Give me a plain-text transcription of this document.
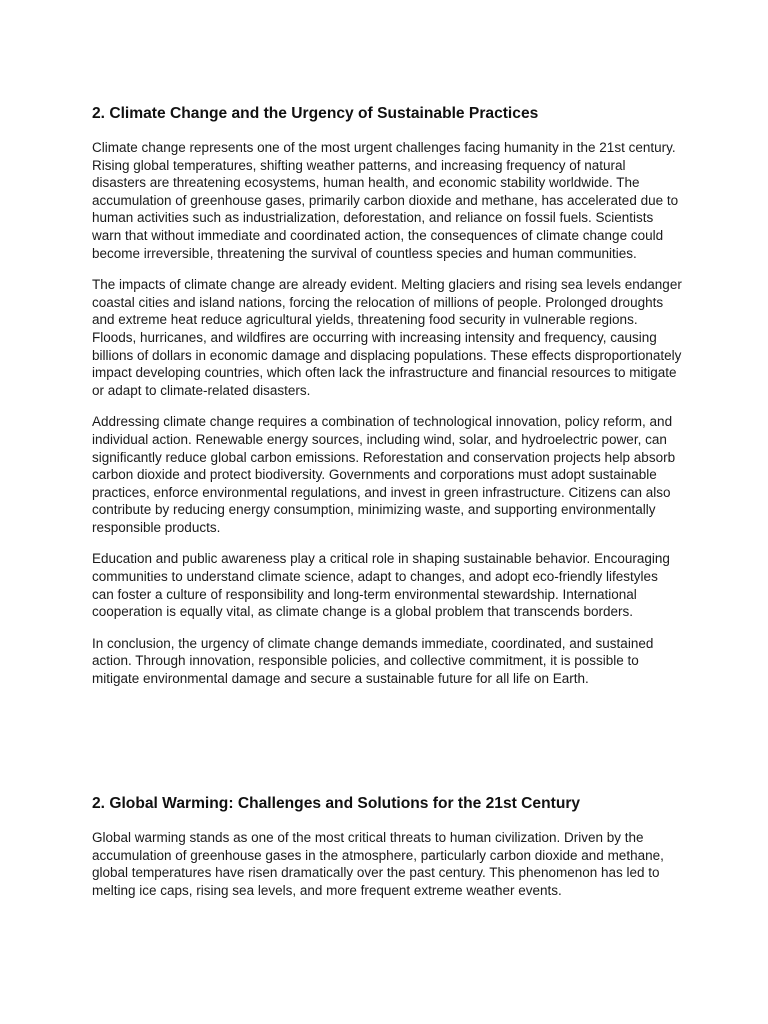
2. Climate Change and the Urgency of Sustainable Practices

Climate change represents one of the most urgent challenges facing humanity in the 21st century. Rising global temperatures, shifting weather patterns, and increasing frequency of natural disasters are threatening ecosystems, human health, and economic stability worldwide. The accumulation of greenhouse gases, primarily carbon dioxide and methane, has accelerated due to human activities such as industrialization, deforestation, and reliance on fossil fuels. Scientists warn that without immediate and coordinated action, the consequences of climate change could become irreversible, threatening the survival of countless species and human communities.

The impacts of climate change are already evident. Melting glaciers and rising sea levels endanger coastal cities and island nations, forcing the relocation of millions of people. Prolonged droughts and extreme heat reduce agricultural yields, threatening food security in vulnerable regions. Floods, hurricanes, and wildfires are occurring with increasing intensity and frequency, causing billions of dollars in economic damage and displacing populations. These effects disproportionately impact developing countries, which often lack the infrastructure and financial resources to mitigate or adapt to climate-related disasters.

Addressing climate change requires a combination of technological innovation, policy reform, and individual action. Renewable energy sources, including wind, solar, and hydroelectric power, can significantly reduce global carbon emissions. Reforestation and conservation projects help absorb carbon dioxide and protect biodiversity. Governments and corporations must adopt sustainable practices, enforce environmental regulations, and invest in green infrastructure. Citizens can also contribute by reducing energy consumption, minimizing waste, and supporting environmentally responsible products.

Education and public awareness play a critical role in shaping sustainable behavior. Encouraging communities to understand climate science, adapt to changes, and adopt eco-friendly lifestyles can foster a culture of responsibility and long-term environmental stewardship. International cooperation is equally vital, as climate change is a global problem that transcends borders.

In conclusion, the urgency of climate change demands immediate, coordinated, and sustained action. Through innovation, responsible policies, and collective commitment, it is possible to mitigate environmental damage and secure a sustainable future for all life on Earth.

2. Global Warming: Challenges and Solutions for the 21st Century

Global warming stands as one of the most critical threats to human civilization. Driven by the accumulation of greenhouse gases in the atmosphere, particularly carbon dioxide and methane, global temperatures have risen dramatically over the past century. This phenomenon has led to melting ice caps, rising sea levels, and more frequent extreme weather events.
